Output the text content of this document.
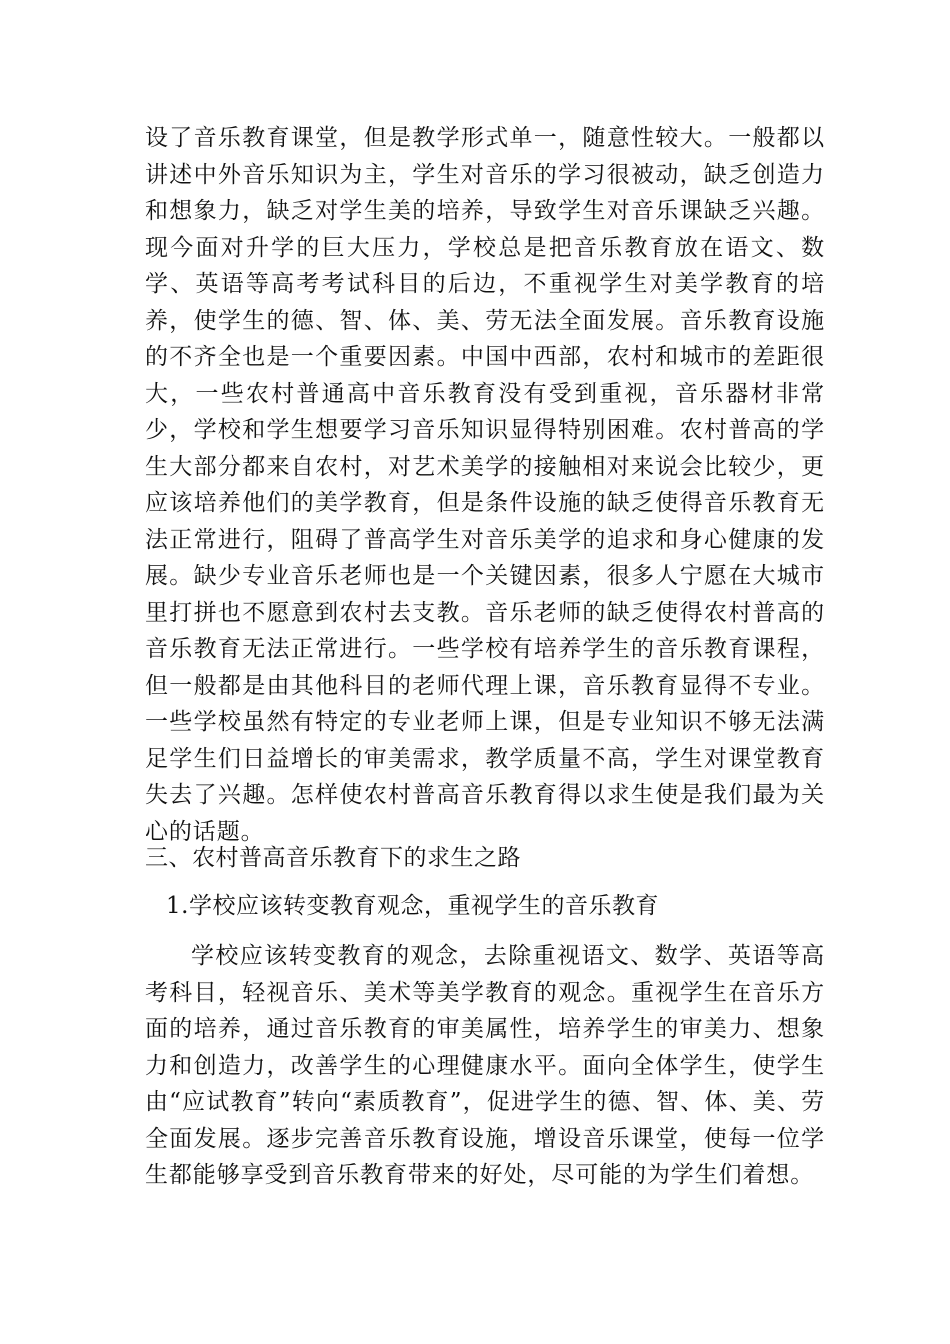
设了音乐教育课堂，但是教学形式单一，随意性较大。一般都以讲述中外音乐知识为主，学生对音乐的学习很被动，缺乏创造力和想象力，缺乏对学生美的培养，导致学生对音乐课缺乏兴趣。现今面对升学的巨大压力，学校总是把音乐教育放在语文、数学、英语等高考考试科目的后边，不重视学生对美学教育的培养，使学生的德、智、体、美、劳无法全面发展。音乐教育设施的不齐全也是一个重要因素。中国中西部，农村和城市的差距很大，一些农村普通高中音乐教育没有受到重视，音乐器材非常少，学校和学生想要学习音乐知识显得特别困难。农村普高的学生大部分都来自农村，对艺术美学的接触相对来说会比较少，更应该培养他们的美学教育，但是条件设施的缺乏使得音乐教育无法正常进行，阻碍了普高学生对音乐美学的追求和身心健康的发展。缺少专业音乐老师也是一个关键因素，很多人宁愿在大城市里打拼也不愿意到农村去支教。音乐老师的缺乏使得农村普高的音乐教育无法正常进行。一些学校有培养学生的音乐教育课程，但一般都是由其他科目的老师代理上课，音乐教育显得不专业。一些学校虽然有特定的专业老师上课，但是专业知识不够无法满足学生们日益增长的审美需求，教学质量不高，学生对课堂教育失去了兴趣。怎样使农村普高音乐教育得以求生使是我们最为关心的话题。

三、农村普高音乐教育下的求生之路

1.学校应该转变教育观念，重视学生的音乐教育

学校应该转变教育的观念，去除重视语文、数学、英语等高考科目，轻视音乐、美术等美学教育的观念。重视学生在音乐方面的培养，通过音乐教育的审美属性，培养学生的审美力、想象力和创造力，改善学生的心理健康水平。面向全体学生，使学生由“应试教育”转向“素质教育”，促进学生的德、智、体、美、劳全面发展。逐步完善音乐教育设施，增设音乐课堂，使每一位学生都能够享受到音乐教育带来的好处，尽可能的为学生们着想。
